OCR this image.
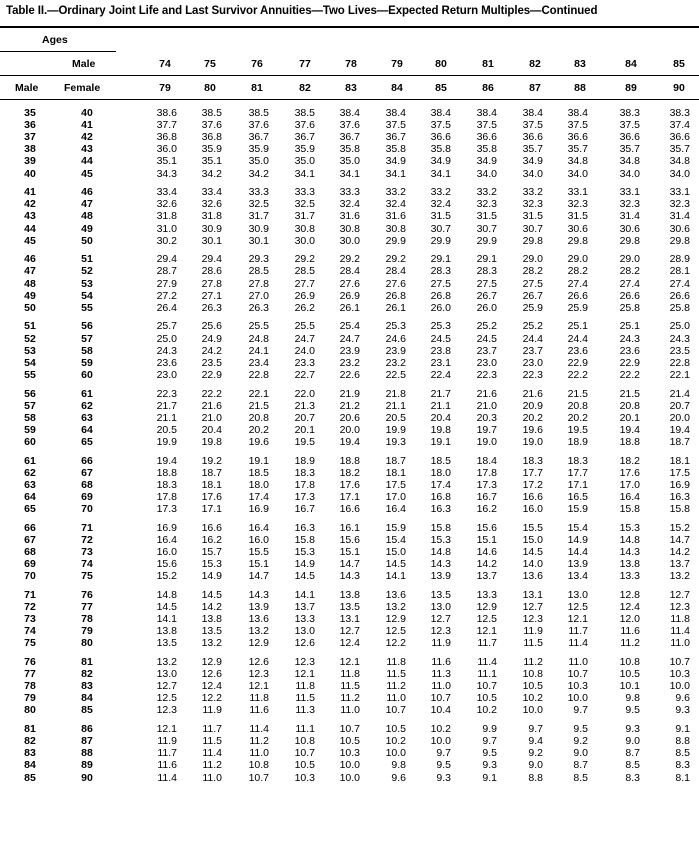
Table II.—Ordinary Joint Life and Last Survivor Annuities—Two Lives—Expected Return Multiples—Continued
Ages
Male
Male Female
74	75	76	77	78	79	80	81	82	83	84	85
79	80	81	82	83	84	85	86	87	88	89	90
35	40	38.6	38.5	38.5	38.5	38.4	38.4	38.4	38.4	38.4	38.4	38.3	38.3
36	41	37.7	37.6	37.6	37.6	37.6	37.5	37.5	37.5	37.5	37.5	37.5	37.4
37	42	36.8	36.8	36.7	36.7	36.7	36.7	36.6	36.6	36.6	36.6	36.6	36.6
38	43	36.0	35.9	35.9	35.9	35.8	35.8	35.8	35.8	35.7	35.7	35.7	35.7
39	44	35.1	35.1	35.0	35.0	35.0	34.9	34.9	34.9	34.9	34.8	34.8	34.8
40	45	34.3	34.2	34.2	34.1	34.1	34.1	34.1	34.0	34.0	34.0	34.0	34.0
41	46	33.4	33.4	33.3	33.3	33.3	33.2	33.2	33.2	33.2	33.1	33.1	33.1
42	47	32.6	32.6	32.5	32.5	32.4	32.4	32.4	32.3	32.3	32.3	32.3	32.3
43	48	31.8	31.8	31.7	31.7	31.6	31.6	31.5	31.5	31.5	31.5	31.4	31.4
44	49	31.0	30.9	30.9	30.8	30.8	30.8	30.7	30.7	30.7	30.6	30.6	30.6
45	50	30.2	30.1	30.1	30.0	30.0	29.9	29.9	29.9	29.8	29.8	29.8	29.8
46	51	29.4	29.4	29.3	29.2	29.2	29.2	29.1	29.1	29.0	29.0	29.0	28.9
47	52	28.7	28.6	28.5	28.5	28.4	28.4	28.3	28.3	28.2	28.2	28.2	28.1
48	53	27.9	27.8	27.8	27.7	27.6	27.6	27.5	27.5	27.5	27.4	27.4	27.4
49	54	27.2	27.1	27.0	26.9	26.9	26.8	26.8	26.7	26.7	26.6	26.6	26.6
50	55	26.4	26.3	26.3	26.2	26.1	26.1	26.0	26.0	25.9	25.9	25.8	25.8
51	56	25.7	25.6	25.5	25.5	25.4	25.3	25.3	25.2	25.2	25.1	25.1	25.0
52	57	25.0	24.9	24.8	24.7	24.7	24.6	24.5	24.5	24.4	24.4	24.3	24.3
53	58	24.3	24.2	24.1	24.0	23.9	23.9	23.8	23.7	23.7	23.6	23.6	23.5
54	59	23.6	23.5	23.4	23.3	23.2	23.2	23.1	23.0	23.0	22.9	22.9	22.8
55	60	23.0	22.9	22.8	22.7	22.6	22.5	22.4	22.3	22.3	22.2	22.2	22.1
56	61	22.3	22.2	22.1	22.0	21.9	21.8	21.7	21.6	21.6	21.5	21.5	21.4
57	62	21.7	21.6	21.5	21.3	21.2	21.1	21.1	21.0	20.9	20.8	20.8	20.7
58	63	21.1	21.0	20.8	20.7	20.6	20.5	20.4	20.3	20.2	20.2	20.1	20.0
59	64	20.5	20.4	20.2	20.1	20.0	19.9	19.8	19.7	19.6	19.5	19.4	19.4
60	65	19.9	19.8	19.6	19.5	19.4	19.3	19.1	19.0	19.0	18.9	18.8	18.7
61	66	19.4	19.2	19.1	18.9	18.8	18.7	18.5	18.4	18.3	18.3	18.2	18.1
62	67	18.8	18.7	18.5	18.3	18.2	18.1	18.0	17.8	17.7	17.7	17.6	17.5
63	68	18.3	18.1	18.0	17.8	17.6	17.5	17.4	17.3	17.2	17.1	17.0	16.9
64	69	17.8	17.6	17.4	17.3	17.1	17.0	16.8	16.7	16.6	16.5	16.4	16.3
65	70	17.3	17.1	16.9	16.7	16.6	16.4	16.3	16.2	16.0	15.9	15.8	15.8
66	71	16.9	16.6	16.4	16.3	16.1	15.9	15.8	15.6	15.5	15.4	15.3	15.2
67	72	16.4	16.2	16.0	15.8	15.6	15.4	15.3	15.1	15.0	14.9	14.8	14.7
68	73	16.0	15.7	15.5	15.3	15.1	15.0	14.8	14.6	14.5	14.4	14.3	14.2
69	74	15.6	15.3	15.1	14.9	14.7	14.5	14.3	14.2	14.0	13.9	13.8	13.7
70	75	15.2	14.9	14.7	14.5	14.3	14.1	13.9	13.7	13.6	13.4	13.3	13.2
71	76	14.8	14.5	14.3	14.1	13.8	13.6	13.5	13.3	13.1	13.0	12.8	12.7
72	77	14.5	14.2	13.9	13.7	13.5	13.2	13.0	12.9	12.7	12.5	12.4	12.3
73	78	14.1	13.8	13.6	13.3	13.1	12.9	12.7	12.5	12.3	12.1	12.0	11.8
74	79	13.8	13.5	13.2	13.0	12.7	12.5	12.3	12.1	11.9	11.7	11.6	11.4
75	80	13.5	13.2	12.9	12.6	12.4	12.2	11.9	11.7	11.5	11.4	11.2	11.0
76	81	13.2	12.9	12.6	12.3	12.1	11.8	11.6	11.4	11.2	11.0	10.8	10.7
77	82	13.0	12.6	12.3	12.1	11.8	11.5	11.3	11.1	10.8	10.7	10.5	10.3
78	83	12.7	12.4	12.1	11.8	11.5	11.2	11.0	10.7	10.5	10.3	10.1	10.0
79	84	12.5	12.2	11.8	11.5	11.2	11.0	10.7	10.5	10.2	10.0	9.8	9.6
80	85	12.3	11.9	11.6	11.3	11.0	10.7	10.4	10.2	10.0	9.7	9.5	9.3
81	86	12.1	11.7	11.4	11.1	10.7	10.5	10.2	9.9	9.7	9.5	9.3	9.1
82	87	11.9	11.5	11.2	10.8	10.5	10.2	10.0	9.7	9.4	9.2	9.0	8.8
83	88	11.7	11.4	11.0	10.7	10.3	10.0	9.7	9.5	9.2	9.0	8.7	8.5
84	89	11.6	11.2	10.8	10.5	10.0	9.8	9.5	9.3	9.0	8.7	8.5	8.3
85	90	11.4	11.0	10.7	10.3	10.0	9.6	9.3	9.1	8.8	8.5	8.3	8.1
